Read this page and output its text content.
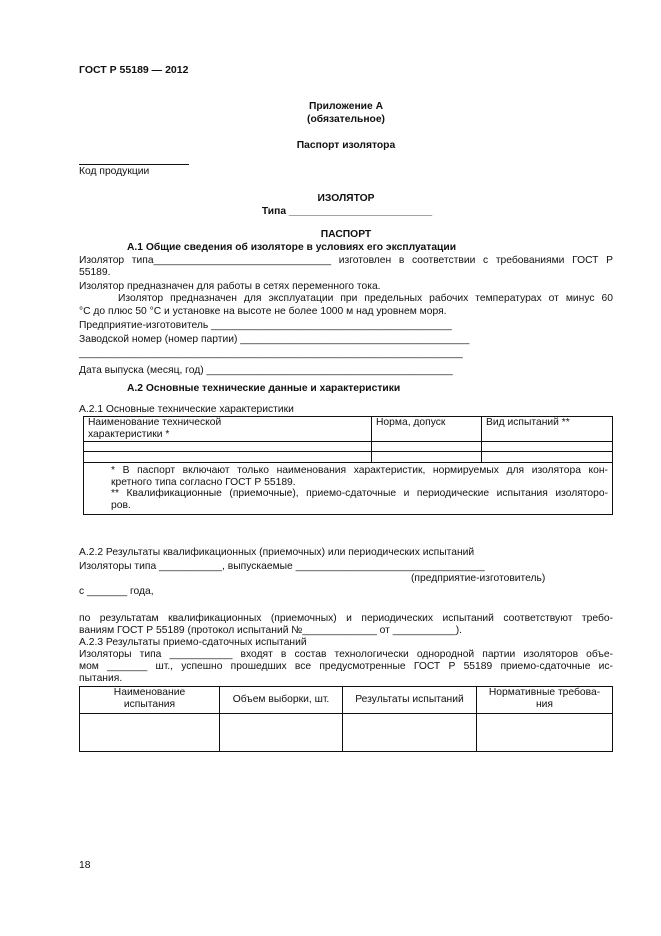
ГОСТ Р 55189 — 2012
Приложение А
(обязательное)
Паспорт изолятора
Код продукции
ИЗОЛЯТОР
Типа _________________________
ПАСПОРТ
А.1 Общие сведения об изоляторе в условиях его эксплуатации
Изолятор типа_______________________________ изготовлен в соответствии с требованиями ГОСТ Р
55189.
Изолятор предназначен для работы в сетях переменного тока.
Изолятор предназначен для эксплуатации при предельных рабочих температурах от минус 60
°С до плюс 50 °С и установке на высоте не более 1000 м над уровнем моря.
Предприятие-изготовитель __________________________________________
Заводской номер (номер партии) ________________________________________
___________________________________________________________________
Дата выпуска (месяц, год) ___________________________________________
А.2 Основные технические данные и характеристики
А.2.1 Основные технические характеристики
Наименование технической
характеристики *	Норма, допуск	Вид испытаний **

* В паспорт включают только наименования характеристик, нормируемых для изолятора кон-
кретного типа согласно ГОСТ Р 55189.
** Квалификационные (приемочные), приемо-сдаточные и периодические испытания изоляторо-
ров.		
А.2.2 Результаты квалификационных (приемочных) или периодических испытаний
Изоляторы типа ___________, выпускаемые _________________________________
(предприятие-изготовитель)
с _______ года,
по результатам квалификационных (приемочных) и периодических испытаний соответствуют требо-
ваниям ГОСТ Р 55189 (протокол испытаний №_____________ от ___________).
А.2.3 Результаты приемо-сдаточных испытаний
Изоляторы типа ___________ входят в состав технологически однородной партии изоляторов объе-
мом _______ шт., успешно прошедших все предусмотренные ГОСТ Р 55189 приемо-сдаточные ис-
пытания.
Наименование
испытания	Объем выборки, шт.	Результаты испытаний	Нормативные требова-
ния

18
